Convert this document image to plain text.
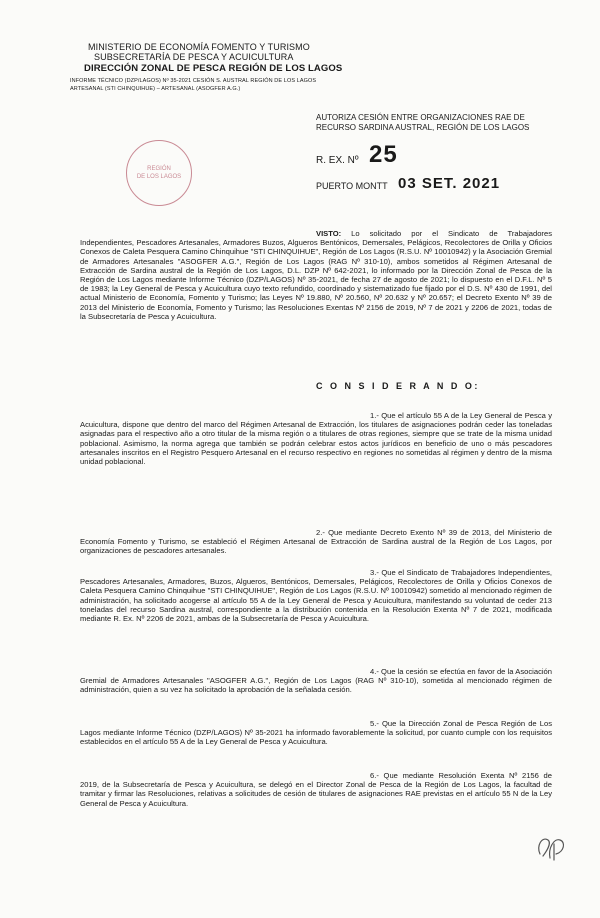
MINISTERIO DE ECONOMÍA FOMENTO Y TURISMO
SUBSECRETARÍA DE PESCA Y ACUICULTURA
DIRECCIÓN ZONAL DE PESCA REGIÓN DE LOS LAGOS
INFORME TÉCNICO (DZP/LAGOS) Nº 35-2021 CESIÓN S. AUSTRAL REGIÓN DE LOS LAGOS
ARTESANAL (STI CHINQUIHUE) – ARTESANAL (ASOGFER A.G.)
AUTORIZA CESIÓN ENTRE ORGANIZACIONES RAE DE
RECURSO SARDINA AUSTRAL, REGIÓN DE LOS LAGOS
REGIÓN
DE LOS LAGOS
R. EX. Nº 25
PUERTO MONTT 03 SET. 2021

VISTO: Lo solicitado por el Sindicato de Trabajadores Independientes, Pescadores Artesanales, Armadores Buzos, Algueros Bentónicos, Demersales, Pelágicos, Recolectores de Orilla y Oficios Conexos de Caleta Pesquera Camino Chinquihue "STI CHINQUIHUE", Región de Los Lagos (R.S.U. Nº 10010942) y la Asociación Gremial de Armadores Artesanales "ASOGFER A.G.", Región de Los Lagos (RAG Nº 310-10), ambos sometidos al Régimen Artesanal de Extracción de Sardina austral de la Región de Los Lagos, D.L. DZP Nº 642-2021, lo informado por la Dirección Zonal de Pesca de la Región de Los Lagos mediante Informe Técnico (DZP/LAGOS) Nº 35-2021, de fecha 27 de agosto de 2021; lo dispuesto en el D.F.L. Nº 5 de 1983; la Ley General de Pesca y Acuicultura cuyo texto refundido, coordinado y sistematizado fue fijado por el D.S. Nº 430 de 1991, del actual Ministerio de Economía, Fomento y Turismo; las Leyes Nº 19.880, Nº 20.560, Nº 20.632 y Nº 20.657; el Decreto Exento Nº 39 de 2013 del Ministerio de Economía, Fomento y Turismo; las Resoluciones Exentas Nº 2156 de 2019, Nº 7 de 2021 y 2206 de 2021, todas de la Subsecretaría de Pesca y Acuicultura.

C O N S I D E R A N D O:

1.- Que el artículo 55 A de la Ley General de Pesca y Acuicultura, dispone que dentro del marco del Régimen Artesanal de Extracción, los titulares de asignaciones podrán ceder las toneladas asignadas para el respectivo año a otro titular de la misma región o a titulares de otras regiones, siempre que se trate de la misma unidad poblacional. Asimismo, la norma agrega que también se podrán celebrar estos actos jurídicos en beneficio de uno o más pescadores artesanales inscritos en el Registro Pesquero Artesanal en el recurso respectivo en regiones no sometidas al régimen y dentro de la misma unidad poblacional.

2.- Que mediante Decreto Exento Nº 39 de 2013, del Ministerio de Economía Fomento y Turismo, se estableció el Régimen Artesanal de Extracción de Sardina austral de la Región de Los Lagos, por organizaciones de pescadores artesanales.

3.- Que el Sindicato de Trabajadores Independientes, Pescadores Artesanales, Armadores, Buzos, Algueros, Bentónicos, Demersales, Pelágicos, Recolectores de Orilla y Oficios Conexos de Caleta Pesquera Camino Chinquihue "STI CHINQUIHUE", Región de Los Lagos (R.S.U. Nº 10010942) sometido al mencionado régimen de administración, ha solicitado acogerse al artículo 55 A de la Ley General de Pesca y Acuicultura, manifestando su voluntad de ceder 213 toneladas del recurso Sardina austral, correspondiente a la distribución contenida en la Resolución Exenta Nº 7 de 2021, modificada mediante R. Ex. Nº 2206 de 2021, ambas de la Subsecretaría de Pesca y Acuicultura.

4.- Que la cesión se efectúa en favor de la Asociación Gremial de Armadores Artesanales "ASOGFER A.G.", Región de Los Lagos (RAG Nº 310-10), sometida al mencionado régimen de administración, quien a su vez ha solicitado la aprobación de la señalada cesión.

5.- Que la Dirección Zonal de Pesca Región de Los Lagos mediante Informe Técnico (DZP/LAGOS) Nº 35-2021 ha informado favorablemente la solicitud, por cuanto cumple con los requisitos establecidos en el artículo 55 A de la Ley General de Pesca y Acuicultura.

6.- Que mediante Resolución Exenta Nº 2156 de 2019, de la Subsecretaría de Pesca y Acuicultura, se delegó en el Director Zonal de Pesca de la Región de Los Lagos, la facultad de tramitar y firmar las Resoluciones, relativas a solicitudes de cesión de titulares de asignaciones RAE previstas en el artículo 55 N de la Ley General de Pesca y Acuicultura.
